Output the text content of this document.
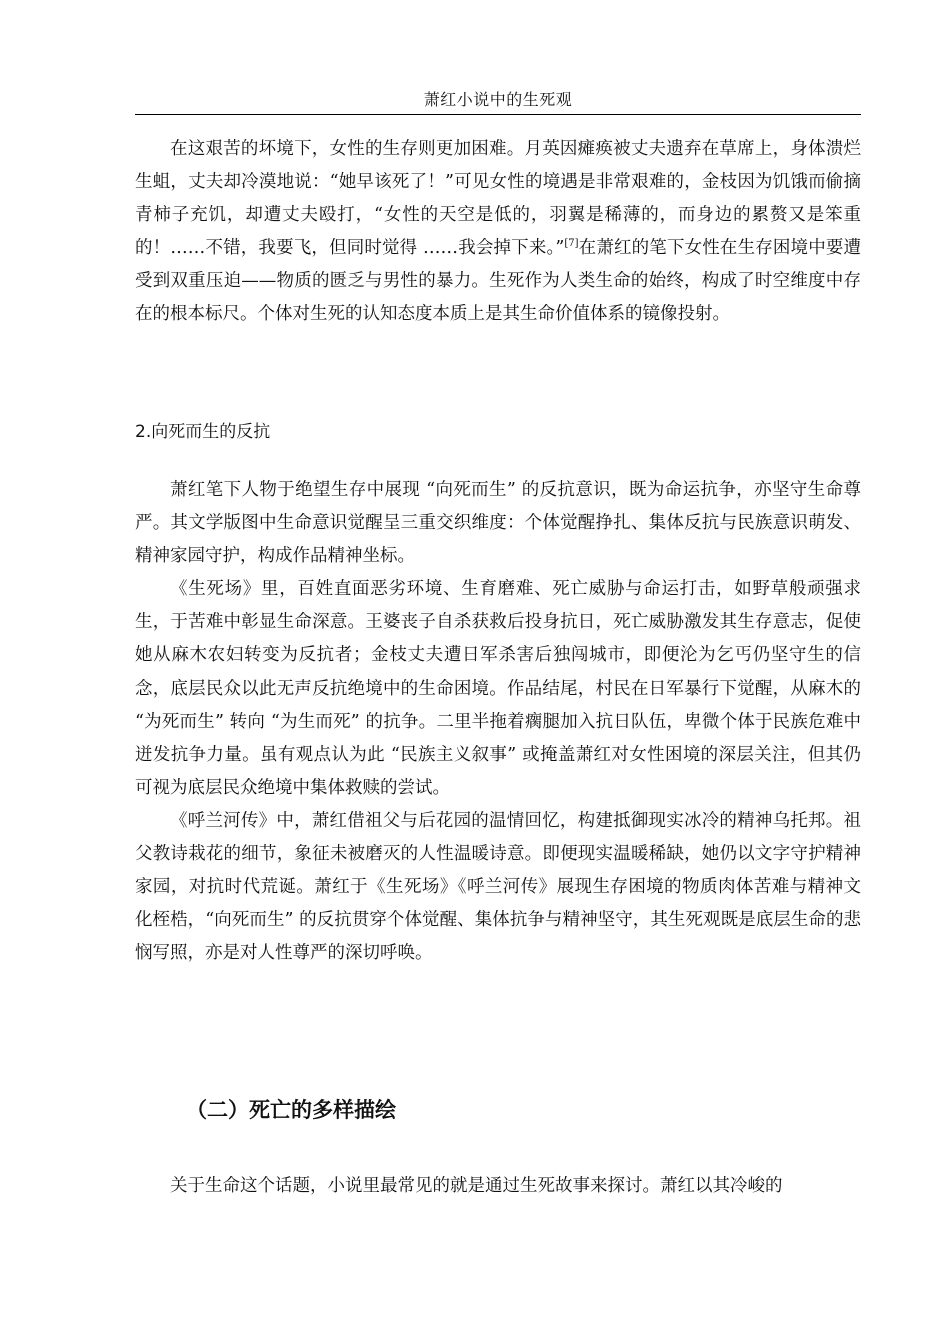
萧红小说中的生死观

在这艰苦的坏境下，女性的生存则更加困难。月英因瘫痪被丈夫遗弃在草席上，身体溃烂生蛆，丈夫却冷漠地说：“她早该死了！”可见女性的境遇是非常艰难的，金枝因为饥饿而偷摘青柿子充饥，却遭丈夫殴打，“女性的天空是低的，羽翼是稀薄的，而身边的累赘又是笨重的！……不错，我要飞，但同时觉得 ……我会掉下来。”[7]在萧红的笔下女性在生存困境中要遭受到双重压迫——物质的匮乏与男性的暴力。生死作为人类生命的始终，构成了时空维度中存在的根本标尺。个体对生死的认知态度本质上是其生命价值体系的镜像投射。

2.向死而生的反抗

萧红笔下人物于绝望生存中展现 “向死而生” 的反抗意识，既为命运抗争，亦坚守生命尊严。其文学版图中生命意识觉醒呈三重交织维度：个体觉醒挣扎、集体反抗与民族意识萌发、精神家园守护，构成作品精神坐标。

《生死场》里，百姓直面恶劣环境、生育磨难、死亡威胁与命运打击，如野草般顽强求生，于苦难中彰显生命深意。王婆丧子自杀获救后投身抗日，死亡威胁激发其生存意志，促使她从麻木农妇转变为反抗者；金枝丈夫遭日军杀害后独闯城市，即便沦为乞丐仍坚守生的信念，底层民众以此无声反抗绝境中的生命困境。作品结尾，村民在日军暴行下觉醒，从麻木的 “为死而生” 转向 “为生而死” 的抗争。二里半拖着瘸腿加入抗日队伍，卑微个体于民族危难中迸发抗争力量。虽有观点认为此 “民族主义叙事” 或掩盖萧红对女性困境的深层关注，但其仍可视为底层民众绝境中集体救赎的尝试。

《呼兰河传》中，萧红借祖父与后花园的温情回忆，构建抵御现实冰冷的精神乌托邦。祖父教诗栽花的细节，象征未被磨灭的人性温暖诗意。即便现实温暖稀缺，她仍以文字守护精神家园，对抗时代荒诞。萧红于《生死场》《呼兰河传》展现生存困境的物质肉体苦难与精神文化桎梏，“向死而生” 的反抗贯穿个体觉醒、集体抗争与精神坚守，其生死观既是底层生命的悲悯写照，亦是对人性尊严的深切呼唤。

（二）死亡的多样描绘

关于生命这个话题，小说里最常见的就是通过生死故事来探讨。萧红以其冷峻的
